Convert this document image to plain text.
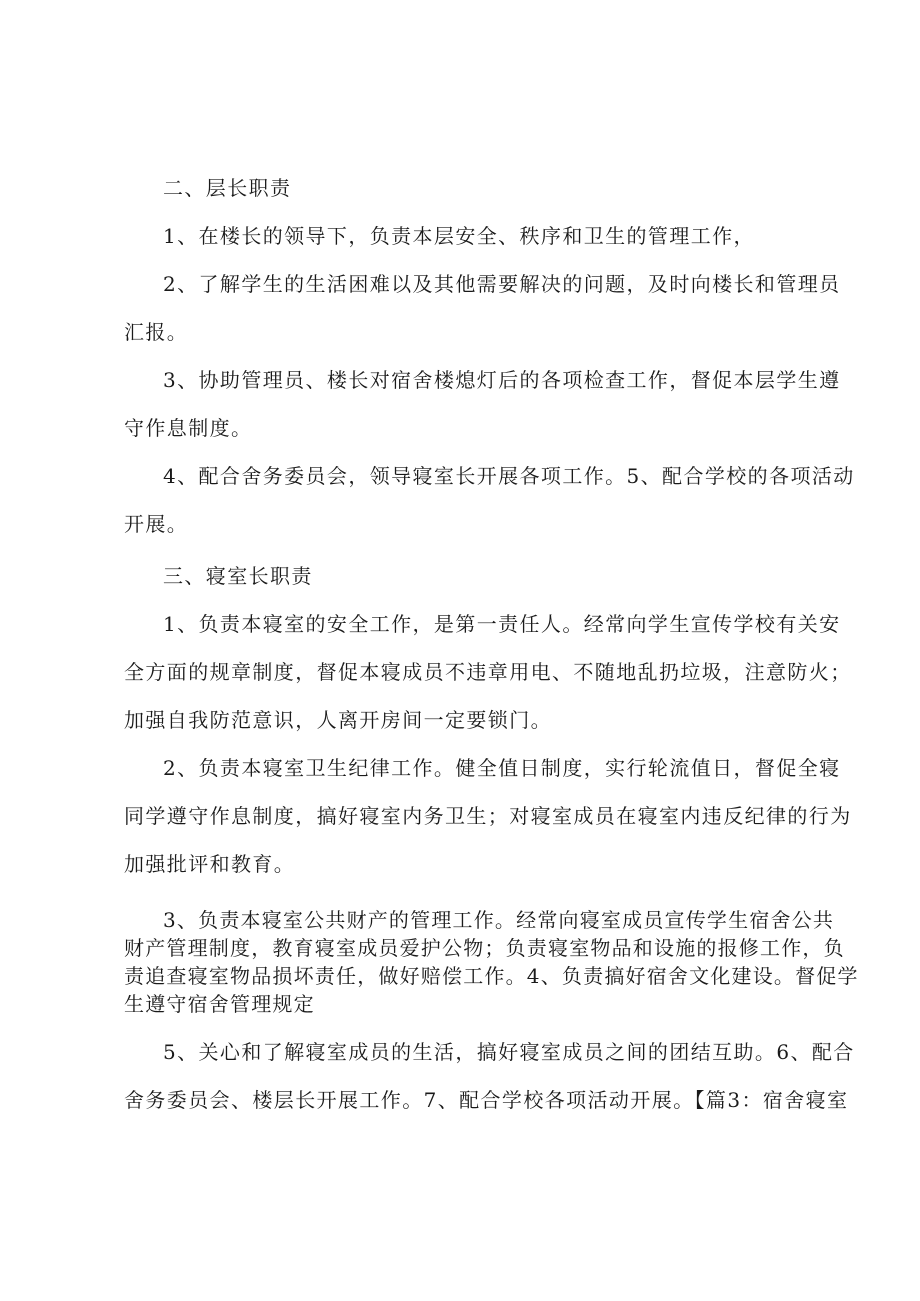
二、层长职责
1、在楼长的领导下，负责本层安全、秩序和卫生的管理工作，
2、了解学生的生活困难以及其他需要解决的问题，及时向楼长和管理员
汇报。
3、协助管理员、楼长对宿舍楼熄灯后的各项检查工作，督促本层学生遵
守作息制度。
4、配合舍务委员会，领导寝室长开展各项工作。5、配合学校的各项活动
开展。
三、寝室长职责
1、负责本寝室的安全工作，是第一责任人。经常向学生宣传学校有关安
全方面的规章制度，督促本寝成员不违章用电、不随地乱扔垃圾，注意防火；
加强自我防范意识，人离开房间一定要锁门。
2、负责本寝室卫生纪律工作。健全值日制度，实行轮流值日，督促全寝
同学遵守作息制度，搞好寝室内务卫生；对寝室成员在寝室内违反纪律的行为
加强批评和教育。
3、负责本寝室公共财产的管理工作。经常向寝室成员宣传学生宿舍公共
财产管理制度，教育寝室成员爱护公物；负责寝室物品和设施的报修工作，负
责追查寝室物品损坏责任，做好赔偿工作。4、负责搞好宿舍文化建设。督促学
生遵守宿舍管理规定
5、关心和了解寝室成员的生活，搞好寝室成员之间的团结互助。6、配合
舍务委员会、楼层长开展工作。7、配合学校各项活动开展。【篇3：宿舍寝室
